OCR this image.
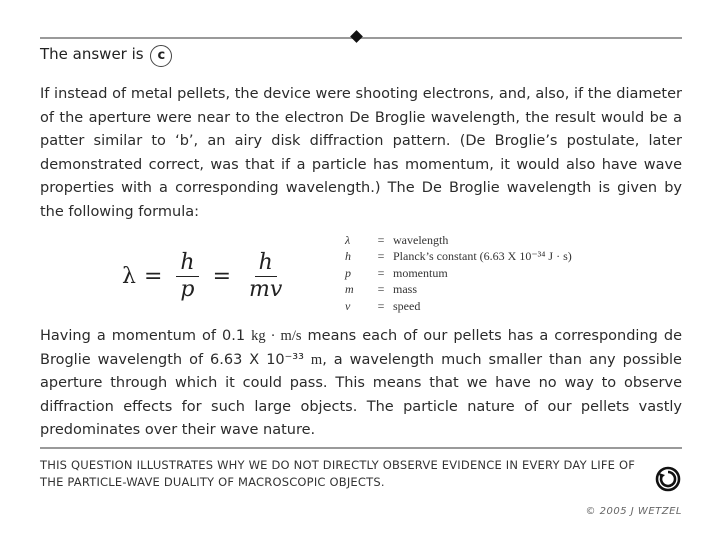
The answer is c
If instead of metal pellets, the device were shooting electrons, and, also, if the diameter of the aperture were near to the electron De Broglie wavelength, the result would be a patter similar to ‘b’, an airy disk diffraction pattern. (De Broglie’s postulate, later demonstrated correct, was that if a particle has momentum, it would also have wave properties with a corresponding wavelength.) The De Broglie wavelength is given by the following formula:
$\lambda = \frac{h}{p} = \frac{h}{mv}$
λ	= wavelength
h	= Planck’s constant (6.63 X 10⁻³⁴ J · s)
p	= momentum
m	= mass
v	= speed
Having a momentum of 0.1 kg · m/s means each of our pellets has a corresponding de Broglie wavelength of 6.63 X 10⁻³³ m, a wavelength much smaller than any possible aperture through which it could pass. This means that we have no way to observe diffraction effects for such large objects. The particle nature of our pellets vastly predominates over their wave nature.
THIS QUESTION ILLUSTRATES WHY WE DO NOT DIRECTLY OBSERVE EVIDENCE IN EVERY DAY LIFE OF THE PARTICLE-WAVE DUALITY OF MACROSCOPIC OBJECTS.
© 2005 J WETZEL
